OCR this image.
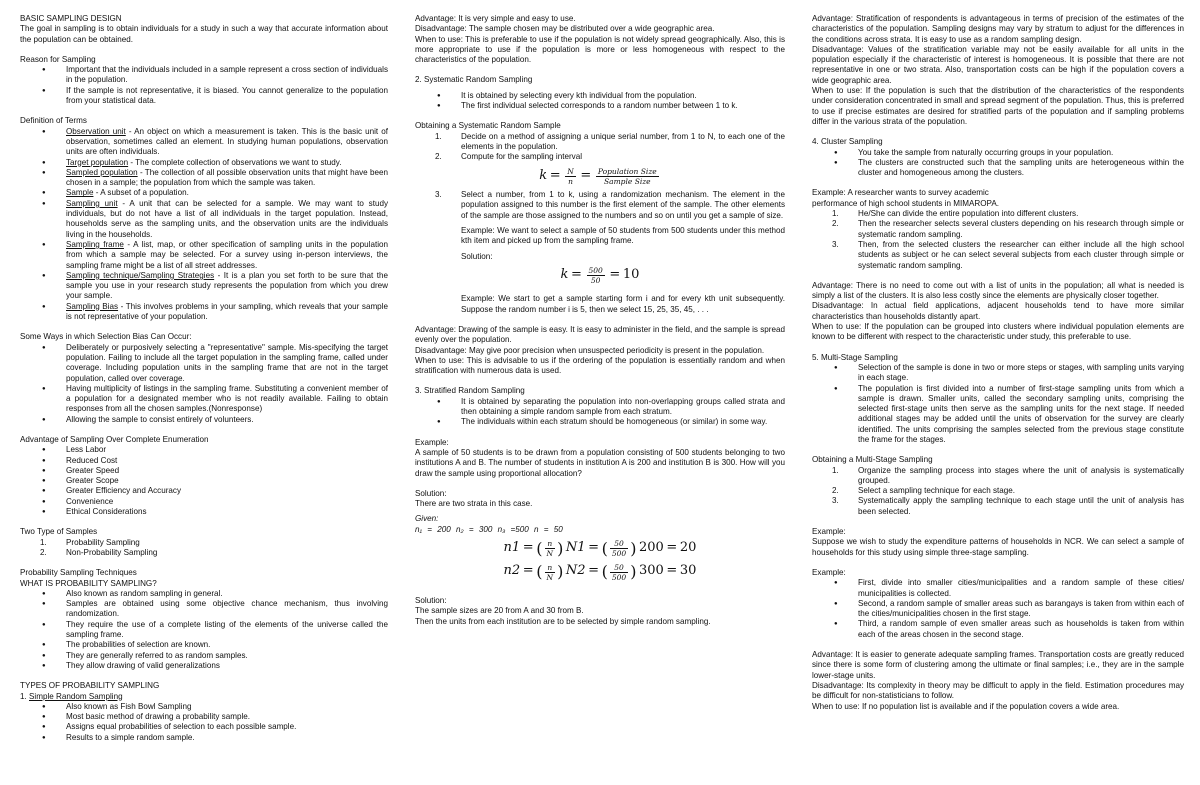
BASIC SAMPLING DESIGN

The goal in sampling is to obtain individuals for a study in such a way that accurate information about the population can be obtained.

Reason for Sampling

● Important that the individuals included in a sample represent a cross section of individuals in the population.
● If the sample is not representative, it is biased. You cannot generalize to the population from your statistical data.

Definition of Terms

● Observation unit - An object on which a measurement is taken. This is the basic unit of observation, sometimes called an element. In studying human populations, observation units are often individuals.
● Target population - The complete collection of observations we want to study.
● Sampled population - The collection of all possible observation units that might have been chosen in a sample; the population from which the sample was taken.
● Sample - A subset of a population.
● Sampling unit - A unit that can be selected for a sample. We may want to study individuals, but do not have a list of all individuals in the target population. Instead, households serve as the sampling units, and the observation units are the individuals living in the households.
● Sampling frame - A list, map, or other specification of sampling units in the population from which a sample may be selected. For a survey using in-person interviews, the sampling frame might be a list of all street addresses.
● Sampling technique/Sampling Strategies - It is a plan you set forth to be sure that the sample you use in your research study represents the population from which you drew your sample.
● Sampling Bias - This involves problems in your sampling, which reveals that your sample is not representative of your population.

Some Ways in which Selection Bias Can Occur:

● Deliberately or purposively selecting a "representative" sample. Mis-specifying the target population. Failing to include all the target population in the sampling frame, called under coverage. Including population units in the sampling frame that are not in the target population, called over coverage.
● Having multiplicity of listings in the sampling frame. Substituting a convenient member of a population for a designated member who is not readily available. Failing to obtain responses from all the chosen samples.(Nonresponse)
● Allowing the sample to consist entirely of volunteers.

Advantage of Sampling Over Complete Enumeration

● Less Labor
● Reduced Cost
● Greater Speed
● Greater Scope
● Greater Efficiency and Accuracy
● Convenience
● Ethical Considerations

Two Type of Samples

1. Probability Sampling
2. Non-Probability Sampling

Probability Sampling Techniques

WHAT IS PROBABILITY SAMPLING?

● Also known as random sampling in general.
● Samples are obtained using some objective chance mechanism, thus involving randomization.
● They require the use of a complete listing of the elements of the universe called the sampling frame.
● The probabilities of selection are known.
● They are generally referred to as random samples.
● They allow drawing of valid generalizations

TYPES OF PROBABILITY SAMPLING

1. Simple Random Sampling

● Also known as Fish Bowl Sampling
● Most basic method of drawing a probability sample.
● Assigns equal probabilities of selection to each possible sample.
● Results to a simple random sample.

Advantage: It is very simple and easy to use.

Disadvantage: The sample chosen may be distributed over a wide geographic area.

When to use: This is preferable to use if the population is not widely spread geographically. Also, this is more appropriate to use if the population is more or less homogeneous with respect to the characteristics of the population.

2. Systematic Random Sampling

● It is obtained by selecting every kth individual from the population.
● The first individual selected corresponds to a random number between 1 to k.

Obtaining a Systematic Random Sample

1. Decide on a method of assigning a unique serial number, from 1 to N, to each one of the elements in the population.
2. Compute for the sampling interval
$k = \frac{N}{n} = \frac{\text{Population Size}}{\text{Sample Size}}$
3. Select a number, from 1 to k, using a randomization mechanism. The element in the population assigned to this number is the first element of the sample. The other elements of the sample are those assigned to the numbers and so on until you get a sample of size.

Example: We want to select a sample of 50 students from 500 students under this method kth item and picked up from the sampling frame.

Solution:

$k = \frac{500}{50} = 10$

Example: We start to get a sample starting form i and for every kth unit subsequently. Suppose the random number i is 5, then we select 15, 25, 35, 45, . . .

Advantage: Drawing of the sample is easy. It is easy to administer in the field, and the sample is spread evenly over the population.

Disadvantage: May give poor precision when unsuspected periodicity is present in the population.

When to use: This is advisable to us if the ordering of the population is essentially random and when stratification with numerous data is used.

3. Stratified Random Sampling

● It is obtained by separating the population into non-overlapping groups called strata and then obtaining a simple random sample from each stratum.
● The individuals within each stratum should be homogeneous (or similar) in some way.

Example:

A sample of 50 students is to be drawn from a population consisting of 500 students belonging to two institutions A and B. The number of students in institution A is 200 and institution B is 300. How will you draw the sample using proportional allocation?

Solution:

There are two strata in this case.

Given:

n₁ = 200 n₂ = 300 n₃ =500 n = 50

n1 = ( $\frac{n}{N}$ ) N1 = ( $\frac{50}{500}$ ) 200 = 20
n2 = ( $\frac{n}{N}$ ) N2 = ( $\frac{50}{500}$ ) 300 = 30

Solution:

The sample sizes are 20 from A and 30 from B.

Then the units from each institution are to be selected by simple random sampling.

Advantage: Stratification of respondents is advantageous in terms of precision of the estimates of the characteristics of the population. Sampling designs may vary by stratum to adjust for the differences in the conditions across strata. It is easy to use as a random sampling design.

Disadvantage: Values of the stratification variable may not be easily available for all units in the population especially if the characteristic of interest is homogeneous. It is possible that there are not representative in one or two strata. Also, transportation costs can be high if the population covers a wide geographic area.

When to use: If the population is such that the distribution of the characteristics of the respondents under consideration concentrated in small and spread segment of the population. Thus, this is preferred to use if precise estimates are desired for stratified parts of the population and if sampling problems differ in the various strata of the population.

4. Cluster Sampling

● You take the sample from naturally occurring groups in your population.
● The clusters are constructed such that the sampling units are heterogeneous within the cluster and homogeneous among the clusters.

Example: A researcher wants to survey academic

performance of high school students in MIMAROPA.

1. He/She can divide the entire population into different clusters.
2. Then the researcher selects several clusters depending on his research through simple or systematic random sampling.
3. Then, from the selected clusters the researcher can either include all the high school students as subject or he can select several subjects from each cluster through simple or systematic random sampling.

Advantage: There is no need to come out with a list of units in the population; all what is needed is simply a list of the clusters. It is also less costly since the elements are physically closer together.

Disadvantage: In actual field applications, adjacent households tend to have more similar characteristics than households distantly apart.

When to use: If the population can be grouped into clusters where individual population elements are known to be different with respect to the characteristic under study, this preferable to use.

5. Multi-Stage Sampling

● Selection of the sample is done in two or more steps or stages, with sampling units varying in each stage.
● The population is first divided into a number of first-stage sampling units from which a sample is drawn. Smaller units, called the secondary sampling units, comprising the selected first-stage units then serve as the sampling units for the next stage. If needed additional stages may be added until the units of observation for the survey are clearly identified. The units comprising the samples selected from the previous stage constitute the frame for the stages.

Obtaining a Multi-Stage Sampling

1. Organize the sampling process into stages where the unit of analysis is systematically grouped.
2. Select a sampling technique for each stage.
3. Systematically apply the sampling technique to each stage until the unit of analysis has been selected.

Example:

Suppose we wish to study the expenditure patterns of households in NCR. We can select a sample of households for this study using simple three-stage sampling.

Example:

● First, divide into smaller cities/municipalities and a random sample of these cities/ municipalities is collected.
● Second, a random sample of smaller areas such as barangays is taken from within each of the cities/municipalities chosen in the first stage.
● Third, a random sample of even smaller areas such as households is taken from within each of the areas chosen in the second stage.

Advantage: It is easier to generate adequate sampling frames. Transportation costs are greatly reduced since there is some form of clustering among the ultimate or final samples; i.e., they are in the sample lower-stage units.

Disadvantage: Its complexity in theory may be difficult to apply in the field. Estimation procedures may be difficult for non-statisticians to follow.

When to use: If no population list is available and if the population covers a wide area.
